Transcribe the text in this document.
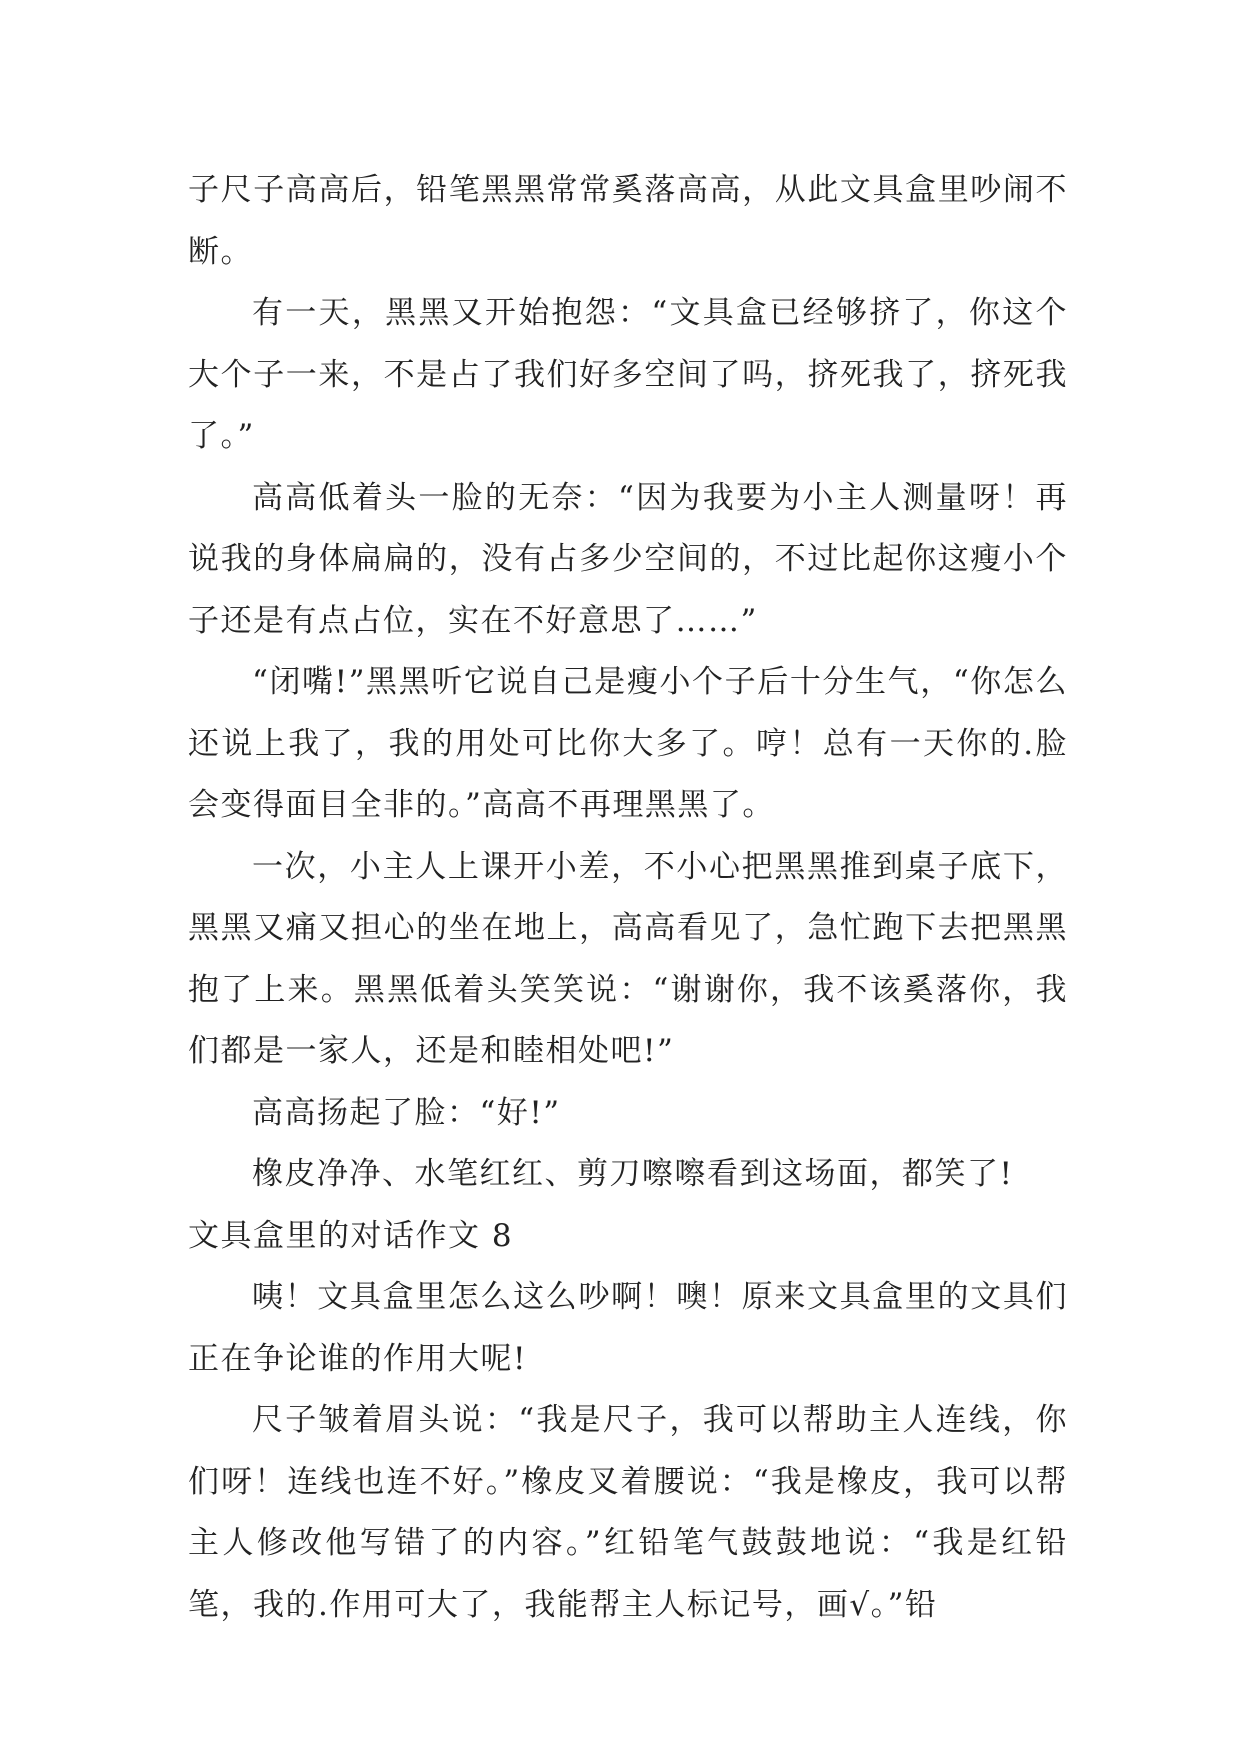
子尺子高高后，铅笔黑黑常常奚落高高，从此文具盒里吵闹不断。

有一天，黑黑又开始抱怨：“文具盒已经够挤了，你这个大个子一来，不是占了我们好多空间了吗，挤死我了，挤死我了。”

高高低着头一脸的无奈：“因为我要为小主人测量呀！再说我的身体扁扁的，没有占多少空间的，不过比起你这瘦小个子还是有点占位，实在不好意思了……”

“闭嘴!”黑黑听它说自己是瘦小个子后十分生气，“你怎么还说上我了，我的用处可比你大多了。哼！总有一天你的.脸会变得面目全非的。”高高不再理黑黑了。

一次，小主人上课开小差，不小心把黑黑推到桌子底下，黑黑又痛又担心的坐在地上，高高看见了，急忙跑下去把黑黑抱了上来。黑黑低着头笑笑说：“谢谢你，我不该奚落你，我们都是一家人，还是和睦相处吧!”

高高扬起了脸：“好!”

橡皮净净、水笔红红、剪刀嚓嚓看到这场面，都笑了!

文具盒里的对话作文 8

咦！文具盒里怎么这么吵啊！噢！原来文具盒里的文具们正在争论谁的作用大呢!

尺子皱着眉头说：“我是尺子，我可以帮助主人连线，你们呀！连线也连不好。”橡皮叉着腰说：“我是橡皮，我可以帮主人修改他写错了的内容。”红铅笔气鼓鼓地说：“我是红铅笔，我的.作用可大了，我能帮主人标记号，画√。”铅
